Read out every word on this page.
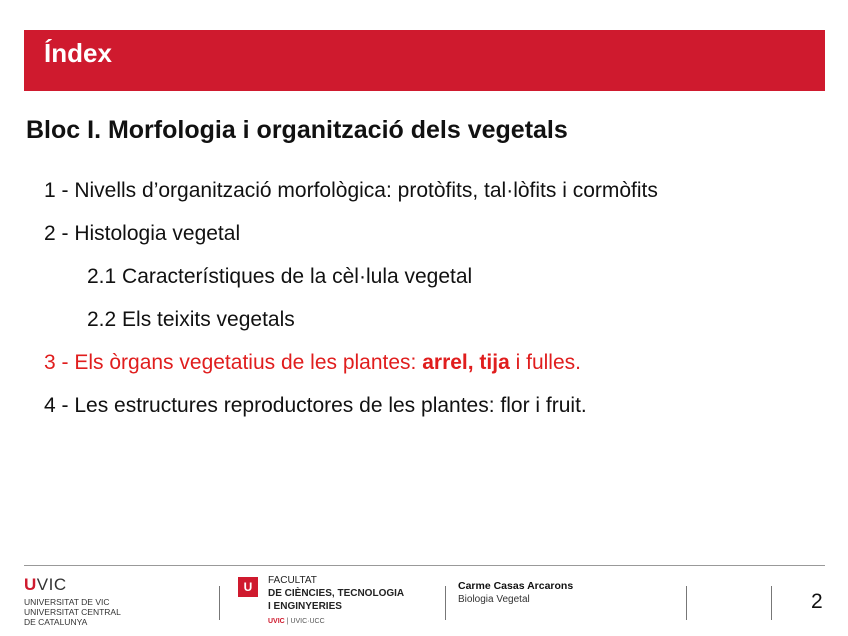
Índex
Bloc I. Morfologia i organització dels vegetals
1 - Nivells d’organització morfològica: protòfits, tal·lòfits i cormòfits
2 - Histologia vegetal
2.1 Característiques de la cèl·lula vegetal
2.2 Els teixits vegetals
3 - Els òrgans vegetatius de les plantes: arrel, tija i fulles.
4 - Les estructures reproductores de les plantes: flor i fruit.
UVIC
UNIVERSITAT DE VIC
UNIVERSITAT CENTRAL
DE CATALUNYA
U	FACULTAT
DE CIÈNCIES, TECNOLOGIA
I ENGINYERIES
UVIC | UVIC·UCC
Carme Casas Arcarons
Biologia Vegetal	2
